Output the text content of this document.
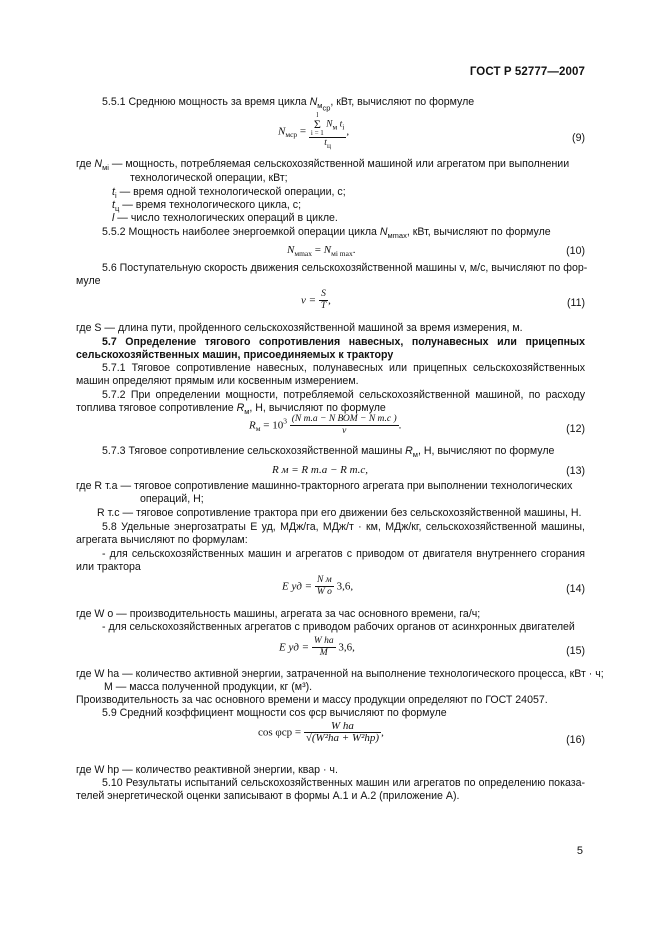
ГОСТ Р 52777—2007
5.5.1 Среднюю мощность за время цикла $N_{м_{ср}}$, кВт, вычисляют по формуле
$N_{мср} = l$
Σ
i = 1
$N_м$ $t_i$
$t_ц$ ,
(9)
где $N_{мi}$ — мощность, потребляемая сельскохозяйственной машиной или агрегатом при выполнении
технологической операции, кВт;
$t_i$ — время одной технологической операции, с;
$t_ц$ — время технологического цикла, с;
l — число технологических операций в цикле.
5.5.2 Мощность наиболее энергоемкой операции цикла $N_{мmax}$, кВт, вычисляют по формуле
$N_{мmax} = N_{мi max}$.	(10)
5.6 Поступательную скорость движения сельскохозяйственной машины v, м/с, вычисляют по фор-
муле
$v = \frac{S}{T}$ ,	(11)
где S — длина пути, пройденного сельскохозяйственной машиной за время измерения, м.
5.7 Определение тягового сопротивления навесных, полунавесных или прицепных
сельскохозяйственных машин, присоединяемых к трактору
5.7.1 Тяговое сопротивление навесных, полунавесных или прицепных сельскохозяйственных
машин определяют прямым или косвенным измерением.
5.7.2 При определении мощности, потребляемой сельскохозяйственной машиной, по расходу
топлива тяговое сопротивление $R_м$, Н, вычисляют по формуле
$R_м = 10^3 \frac{\text{(N т.а − N ВОМ − N т.с )}}{v}$ .	(12)
5.7.3 Тяговое сопротивление сельскохозяйственной машины $R_м$, Н, вычисляют по формуле
R м = R т.а − R т.с,	(13)
где R т.а — тяговое сопротивление машинно-тракторного агрегата при выполнении технологических
операций, Н;
R т.с — тяговое сопротивление трактора при его движении без сельскохозяйственной машины, Н.
5.8 Удельные энергозатраты E уд, МДж/га, МДж/т · км, МДж/кг, сельскохозяйственной машины,
агрегата вычисляют по формулам:
- для сельскохозяйственных машин и агрегатов с приводом от двигателя внутреннего сгорания
или трактора
E уд = $\frac{\text{N м}}{\text{W о}} 3,6$,	(14)
где W о — производительность машины, агрегата за час основного времени, га/ч;
- для сельскохозяйственных агрегатов с приводом рабочих органов от асинхронных двигателей
E уд = $\frac{\text{W ha}}{M} 3,6$,	(15)
где W ha — количество активной энергии, затраченной на выполнение технологического процесса, кВт · ч;
M — масса полученной продукции, кг (м³).
Производительность за час основного времени и массу продукции определяют по ГОСТ 24057.
5.9 Средний коэффициент мощности cos φср вычисляют по формуле
$\cos \varphi ср = \frac{\text{W ha}}{\text{√(W²ha + W²hp)}}$ ,
(16)
где W hp — количество реактивной энергии, квар · ч.
5.10 Результаты испытаний сельскохозяйственных машин или агрегатов по определению показа-
телей энергетической оценки записывают в формы А.1 и А.2 (приложение А).
5
